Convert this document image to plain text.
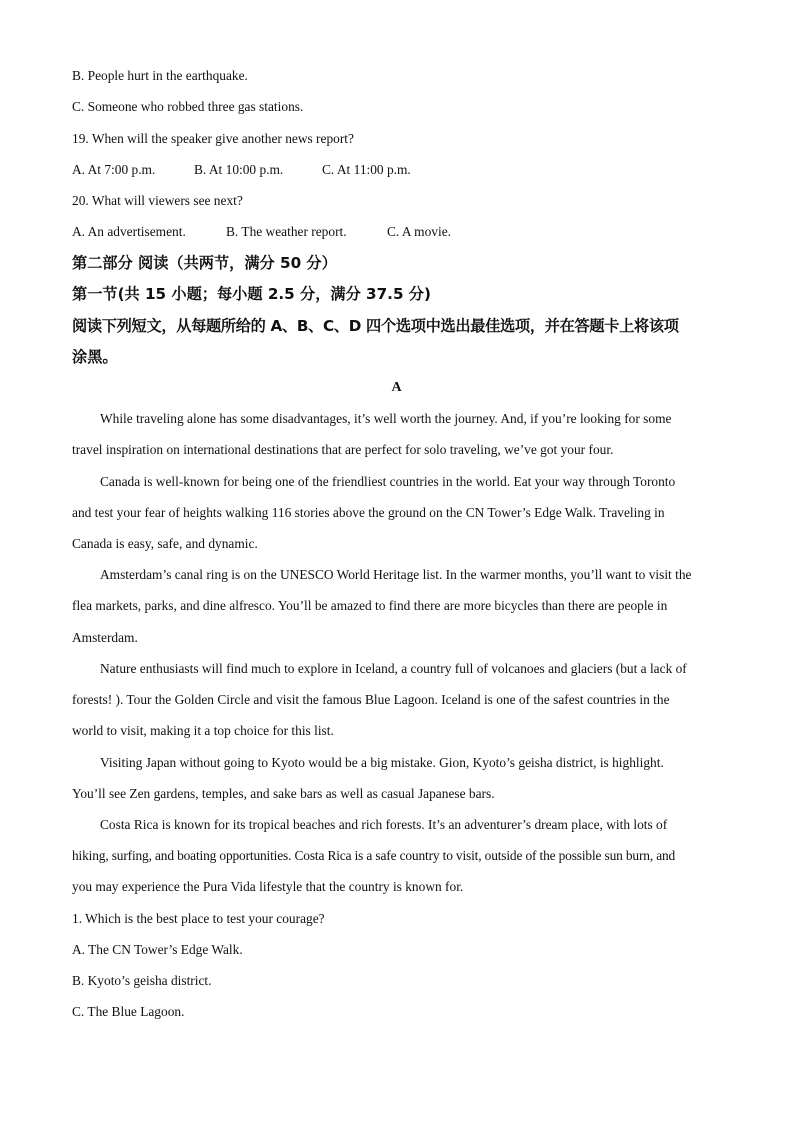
B. People hurt in the earthquake.
C. Someone who robbed three gas stations.
19. When will the speaker give another news report?
A. At 7:00 p.m.	B. At 10:00 p.m.	C. At 11:00 p.m.
20. What will viewers see next?
A. An advertisement.	B. The weather report.	C. A movie.
第二部分 阅读（共两节，满分 50 分）
第一节(共 15 小题；每小题 2.5 分，满分 37.5 分)
阅读下列短文，从每题所给的 A、B、C、D 四个选项中选出最佳选项，并在答题卡上将该项
涂黑。
A
While traveling alone has some disadvantages, it’s well worth the journey. And, if you’re looking for some
travel inspiration on international destinations that are perfect for solo traveling, we’ve got your four.
Canada is well-known for being one of the friendliest countries in the world. Eat your way through Toronto
and test your fear of heights walking 116 stories above the ground on the CN Tower’s Edge Walk. Traveling in
Canada is easy, safe, and dynamic.
Amsterdam’s canal ring is on the UNESCO World Heritage list. In the warmer months, you’ll want to visit the
flea markets, parks, and dine alfresco. You’ll be amazed to find there are more bicycles than there are people in
Amsterdam.
Nature enthusiasts will find much to explore in Iceland, a country full of volcanoes and glaciers (but a lack of
forests! ). Tour the Golden Circle and visit the famous Blue Lagoon. Iceland is one of the safest countries in the
world to visit, making it a top choice for this list.
Visiting Japan without going to Kyoto would be a big mistake. Gion, Kyoto’s geisha district, is highlight.
You’ll see Zen gardens, temples, and sake bars as well as casual Japanese bars.
Costa Rica is known for its tropical beaches and rich forests. It’s an adventurer’s dream place, with lots of
hiking, surfing, and boating opportunities. Costa Rica is a safe country to visit, outside of the possible sun burn, and
you may experience the Pura Vida lifestyle that the country is known for.
1. Which is the best place to test your courage?
A. The CN Tower’s Edge Walk.
B. Kyoto’s geisha district.
C. The Blue Lagoon.
